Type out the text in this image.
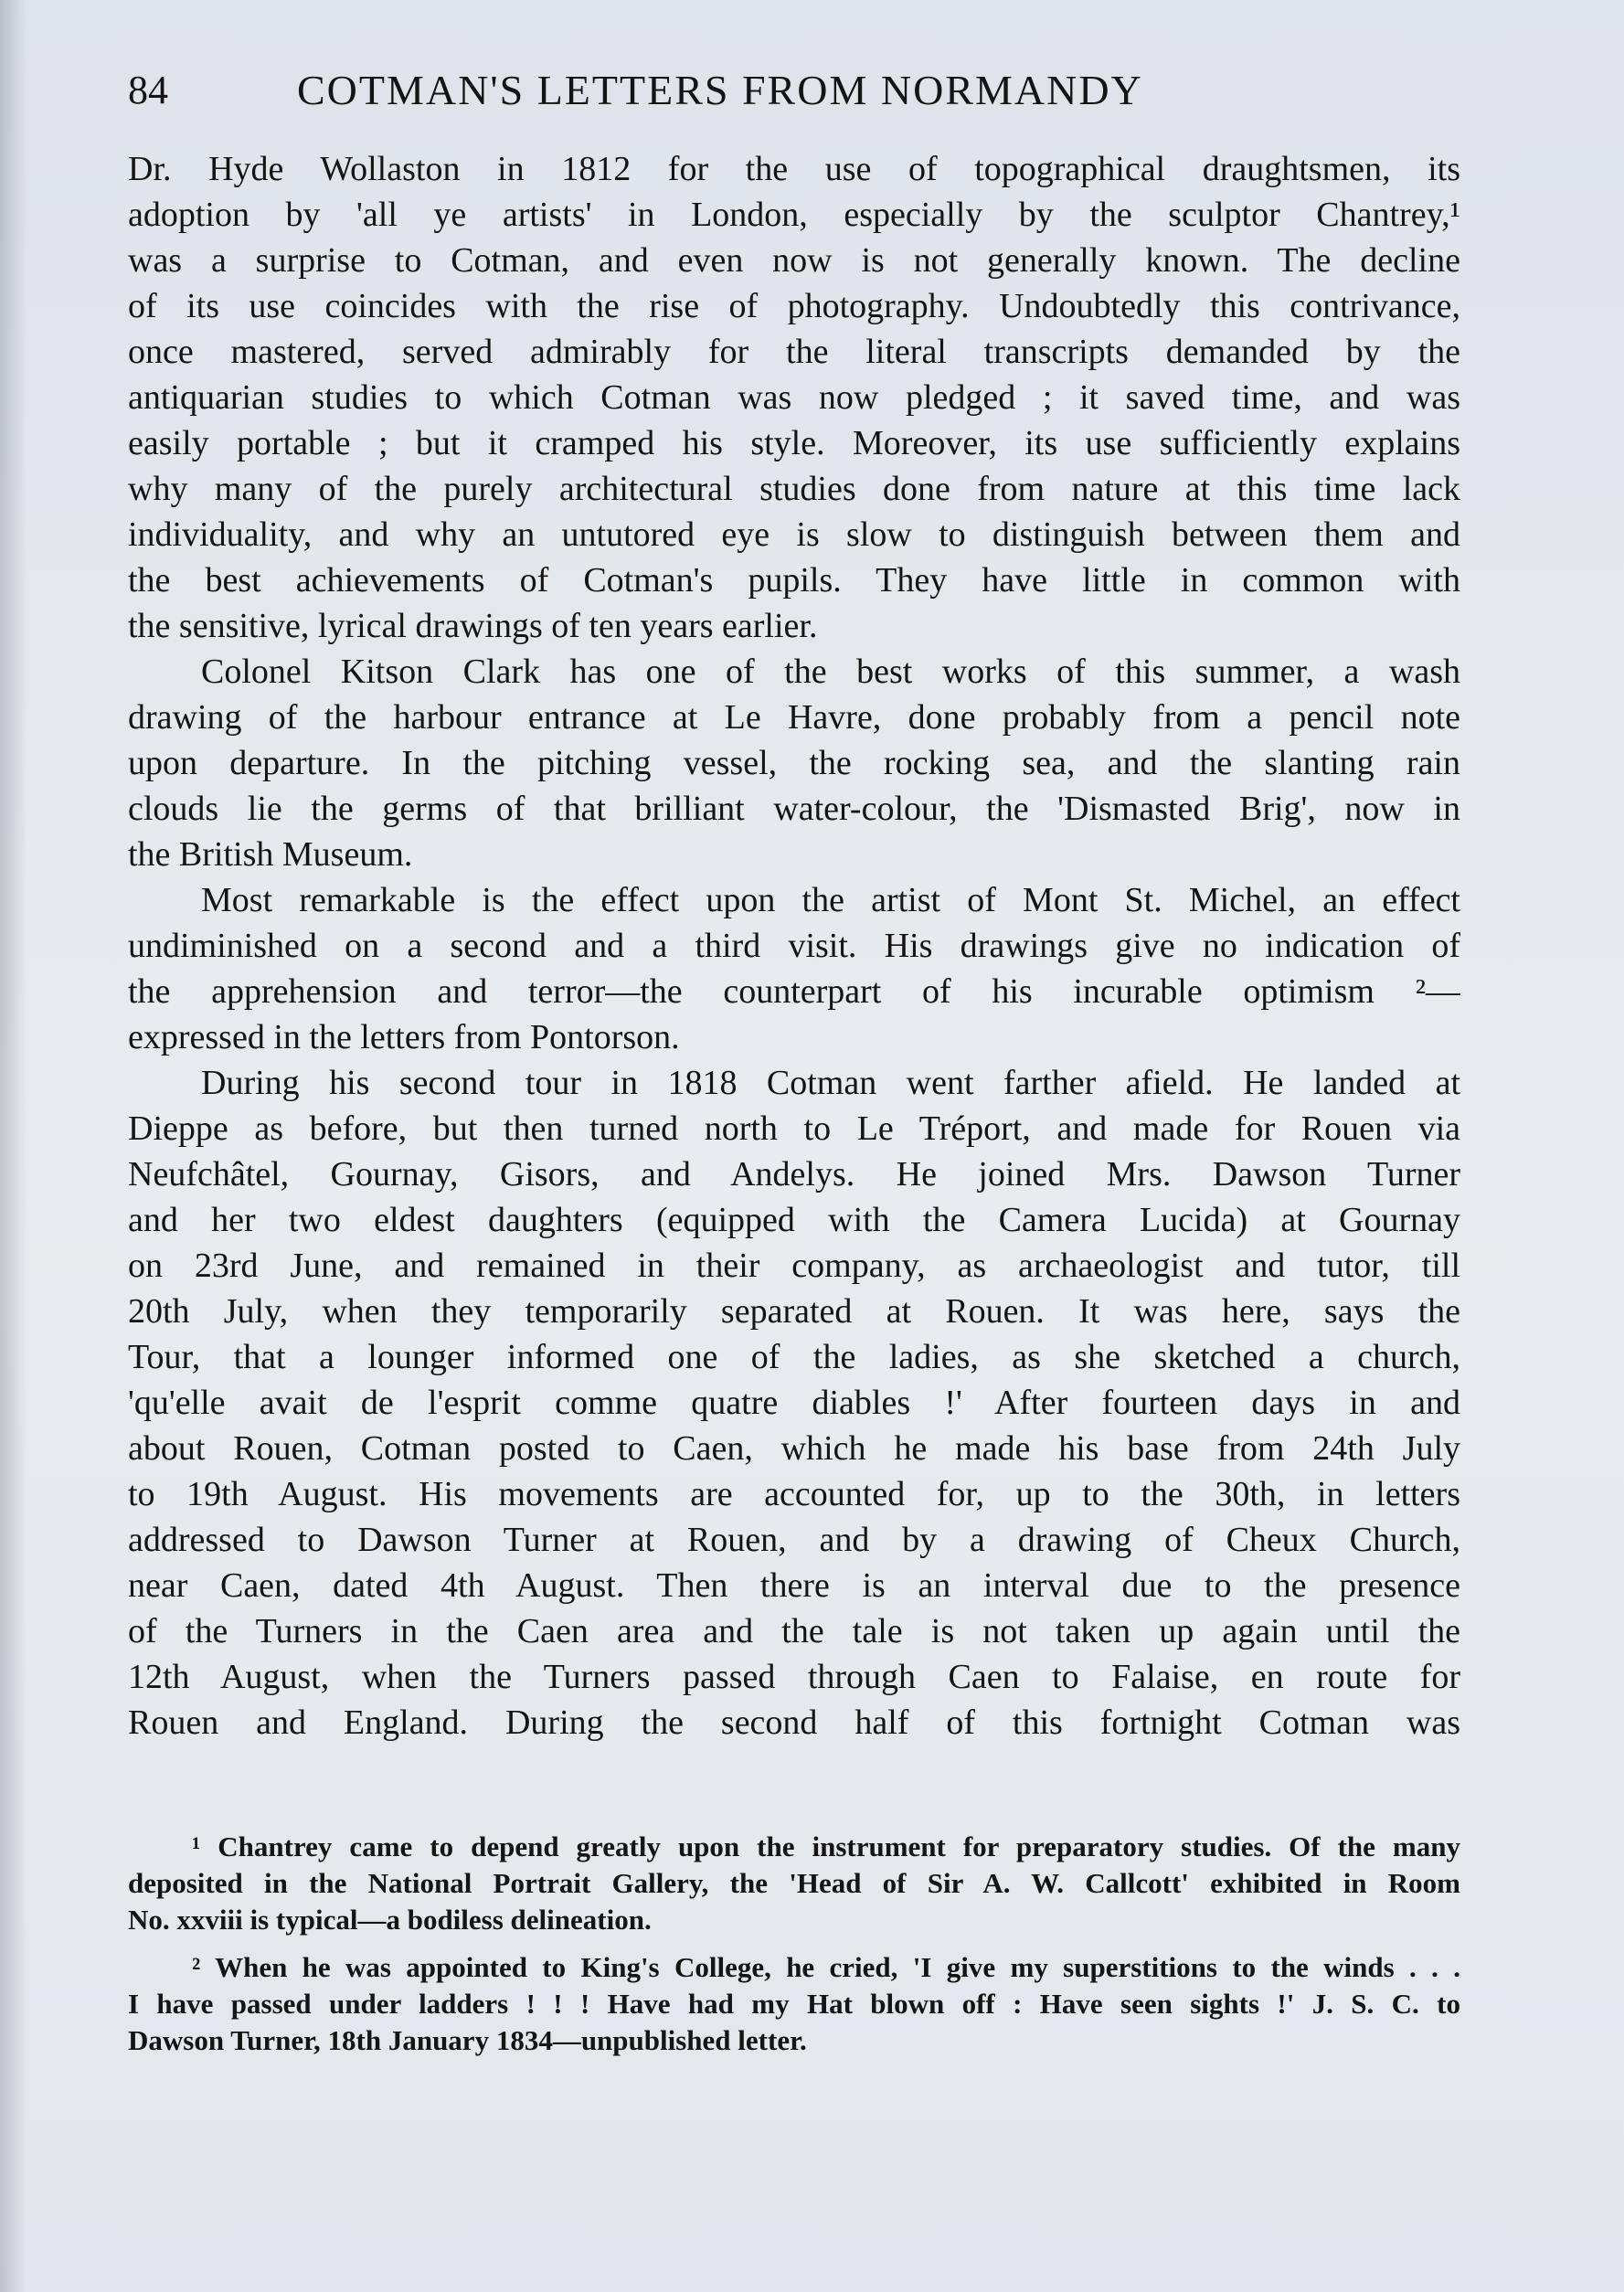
84	COTMAN'S LETTERS FROM NORMANDY
Dr. Hyde Wollaston in 1812 for the use of topographical draughtsmen, its
adoption by 'all ye artists' in London, especially by the sculptor Chantrey,¹
was a surprise to Cotman, and even now is not generally known. The decline
of its use coincides with the rise of photography. Undoubtedly this contrivance,
once mastered, served admirably for the literal transcripts demanded by the
antiquarian studies to which Cotman was now pledged ; it saved time, and was
easily portable ; but it cramped his style. Moreover, its use sufficiently explains
why many of the purely architectural studies done from nature at this time lack
individuality, and why an untutored eye is slow to distinguish between them and
the best achievements of Cotman's pupils. They have little in common with
the sensitive, lyrical drawings of ten years earlier.
Colonel Kitson Clark has one of the best works of this summer, a wash
drawing of the harbour entrance at Le Havre, done probably from a pencil note
upon departure. In the pitching vessel, the rocking sea, and the slanting rain
clouds lie the germs of that brilliant water-colour, the 'Dismasted Brig', now in
the British Museum.
Most remarkable is the effect upon the artist of Mont St. Michel, an effect
undiminished on a second and a third visit. His drawings give no indication of
the apprehension and terror—the counterpart of his incurable optimism ²—
expressed in the letters from Pontorson.
During his second tour in 1818 Cotman went farther afield. He landed at
Dieppe as before, but then turned north to Le Tréport, and made for Rouen via
Neufchâtel, Gournay, Gisors, and Andelys. He joined Mrs. Dawson Turner
and her two eldest daughters (equipped with the Camera Lucida) at Gournay
on 23rd June, and remained in their company, as archaeologist and tutor, till
20th July, when they temporarily separated at Rouen. It was here, says the
Tour, that a lounger informed one of the ladies, as she sketched a church,
'qu'elle avait de l'esprit comme quatre diables !' After fourteen days in and
about Rouen, Cotman posted to Caen, which he made his base from 24th July
to 19th August. His movements are accounted for, up to the 30th, in letters
addressed to Dawson Turner at Rouen, and by a drawing of Cheux Church,
near Caen, dated 4th August. Then there is an interval due to the presence
of the Turners in the Caen area and the tale is not taken up again until the
12th August, when the Turners passed through Caen to Falaise, en route for
Rouen and England. During the second half of this fortnight Cotman was
¹ Chantrey came to depend greatly upon the instrument for preparatory studies. Of the many
deposited in the National Portrait Gallery, the 'Head of Sir A. W. Callcott' exhibited in Room
No. xxviii is typical—a bodiless delineation.
² When he was appointed to King's College, he cried, 'I give my superstitions to the winds . . .
I have passed under ladders ! ! ! Have had my Hat blown off : Have seen sights !' J. S. C. to
Dawson Turner, 18th January 1834—unpublished letter.
